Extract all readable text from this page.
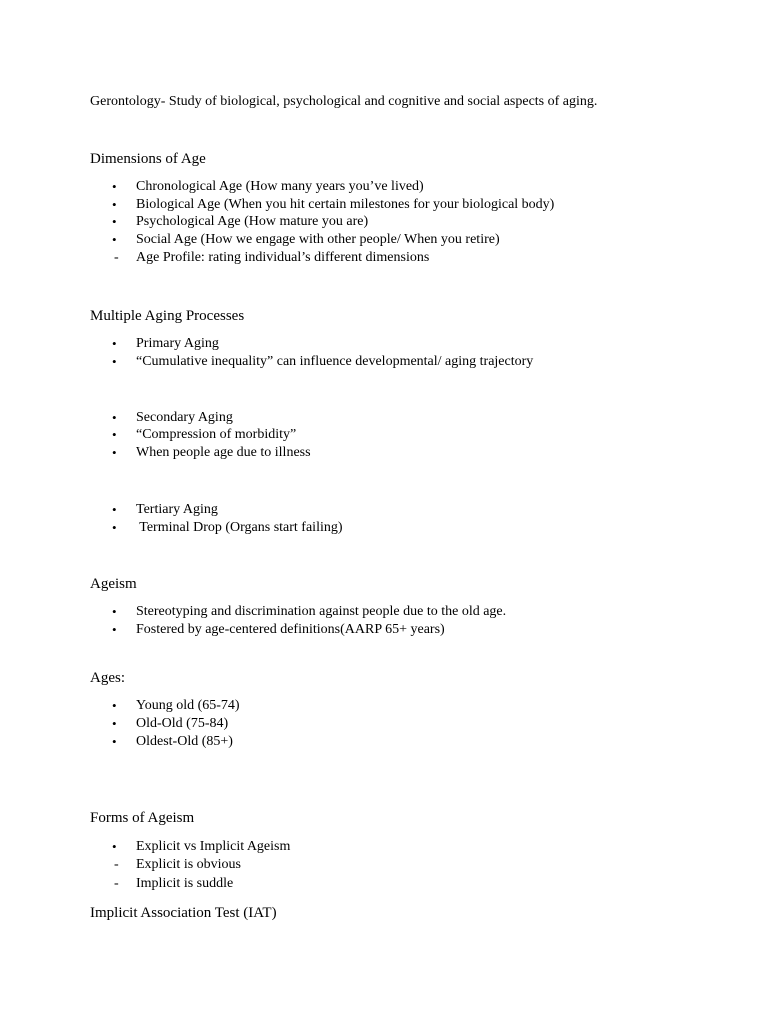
Gerontology- Study of biological, psychological and cognitive and social aspects of aging.
Dimensions of Age
•	Chronological Age (How many years you’ve lived)
•	Biological Age (When you hit certain milestones for your biological body)
•	Psychological Age (How mature you are)
•	Social Age (How we engage with other people/ When you retire)
-	Age Profile: rating individual’s different dimensions
Multiple Aging Processes
•	Primary Aging
•	“Cumulative inequality” can influence developmental/ aging trajectory
•	Secondary Aging
•	“Compression of morbidity”
•	When people age due to illness
•	Tertiary Aging
•	Terminal Drop (Organs start failing)
Ageism
•	Stereotyping and discrimination against people due to the old age.
•	Fostered by age-centered definitions(AARP 65+ years)
Ages:
•	Young old (65-74)
•	Old-Old (75-84)
•	Oldest-Old (85+)
Forms of Ageism
•	Explicit vs Implicit Ageism
-	Explicit is obvious
-	Implicit is suddle
Implicit Association Test (IAT)
